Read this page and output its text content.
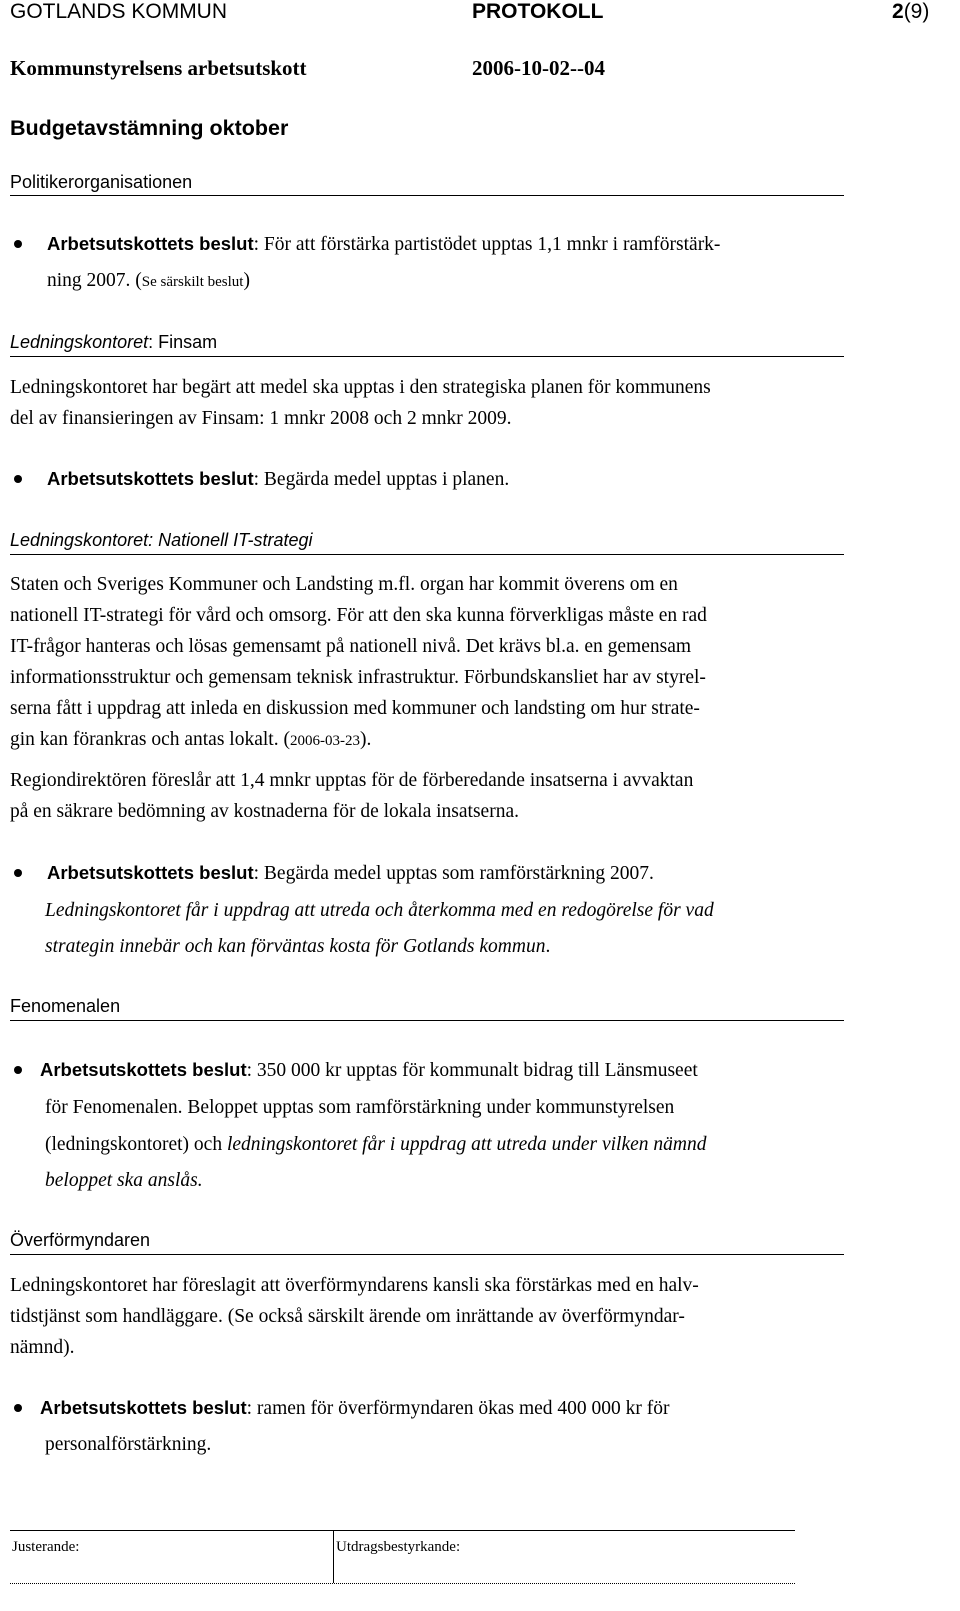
GOTLANDS KOMMUN	PROTOKOLL	2(9)
Kommunstyrelsens arbetsutskott	2006-10-02--04
Budgetavstämning oktober
Politikerorganisationen
Arbetsutskottets beslut: För att förstärka partistödet upptas 1,1 mnkr i ramförstärk-
ning 2007. (Se särskilt beslut)
Ledningskontoret: Finsam
Ledningskontoret har begärt att medel ska upptas i den strategiska planen för kommunens
del av finansieringen av Finsam: 1 mnkr 2008 och 2 mnkr 2009.
Arbetsutskottets beslut: Begärda medel upptas i planen.
Ledningskontoret: Nationell IT-strategi
Staten och Sveriges Kommuner och Landsting m.fl. organ har kommit överens om en
nationell IT-strategi för vård och omsorg. För att den ska kunna förverkligas måste en rad
IT-frågor hanteras och lösas gemensamt på nationell nivå. Det krävs bl.a. en gemensam
informationsstruktur och gemensam teknisk infrastruktur. Förbundskansliet har av styrel-
serna fått i uppdrag att inleda en diskussion med kommuner och landsting om hur strate-
gin kan förankras och antas lokalt. (2006-03-23).
Regiondirektören föreslår att 1,4 mnkr upptas för de förberedande insatserna i avvaktan
på en säkrare bedömning av kostnaderna för de lokala insatserna.
Arbetsutskottets beslut: Begärda medel upptas som ramförstärkning 2007.
Ledningskontoret får i uppdrag att utreda och återkomma med en redogörelse för vad
strategin innebär och kan förväntas kosta för Gotlands kommun.
Fenomenalen
Arbetsutskottets beslut: 350 000 kr upptas för kommunalt bidrag till Länsmuseet
för Fenomenalen. Beloppet upptas som ramförstärkning under kommunstyrelsen
(ledningskontoret) och ledningskontoret får i uppdrag att utreda under vilken nämnd
beloppet ska anslås.
Överförmyndaren
Ledningskontoret har föreslagit att överförmyndarens kansli ska förstärkas med en halv-
tidstjänst som handläggare. (Se också särskilt ärende om inrättande av överförmyndar-
nämnd).
Arbetsutskottets beslut: ramen för överförmyndaren ökas med 400 000 kr för
personalförstärkning.
Justerande:	Utdragsbestyrkande:
